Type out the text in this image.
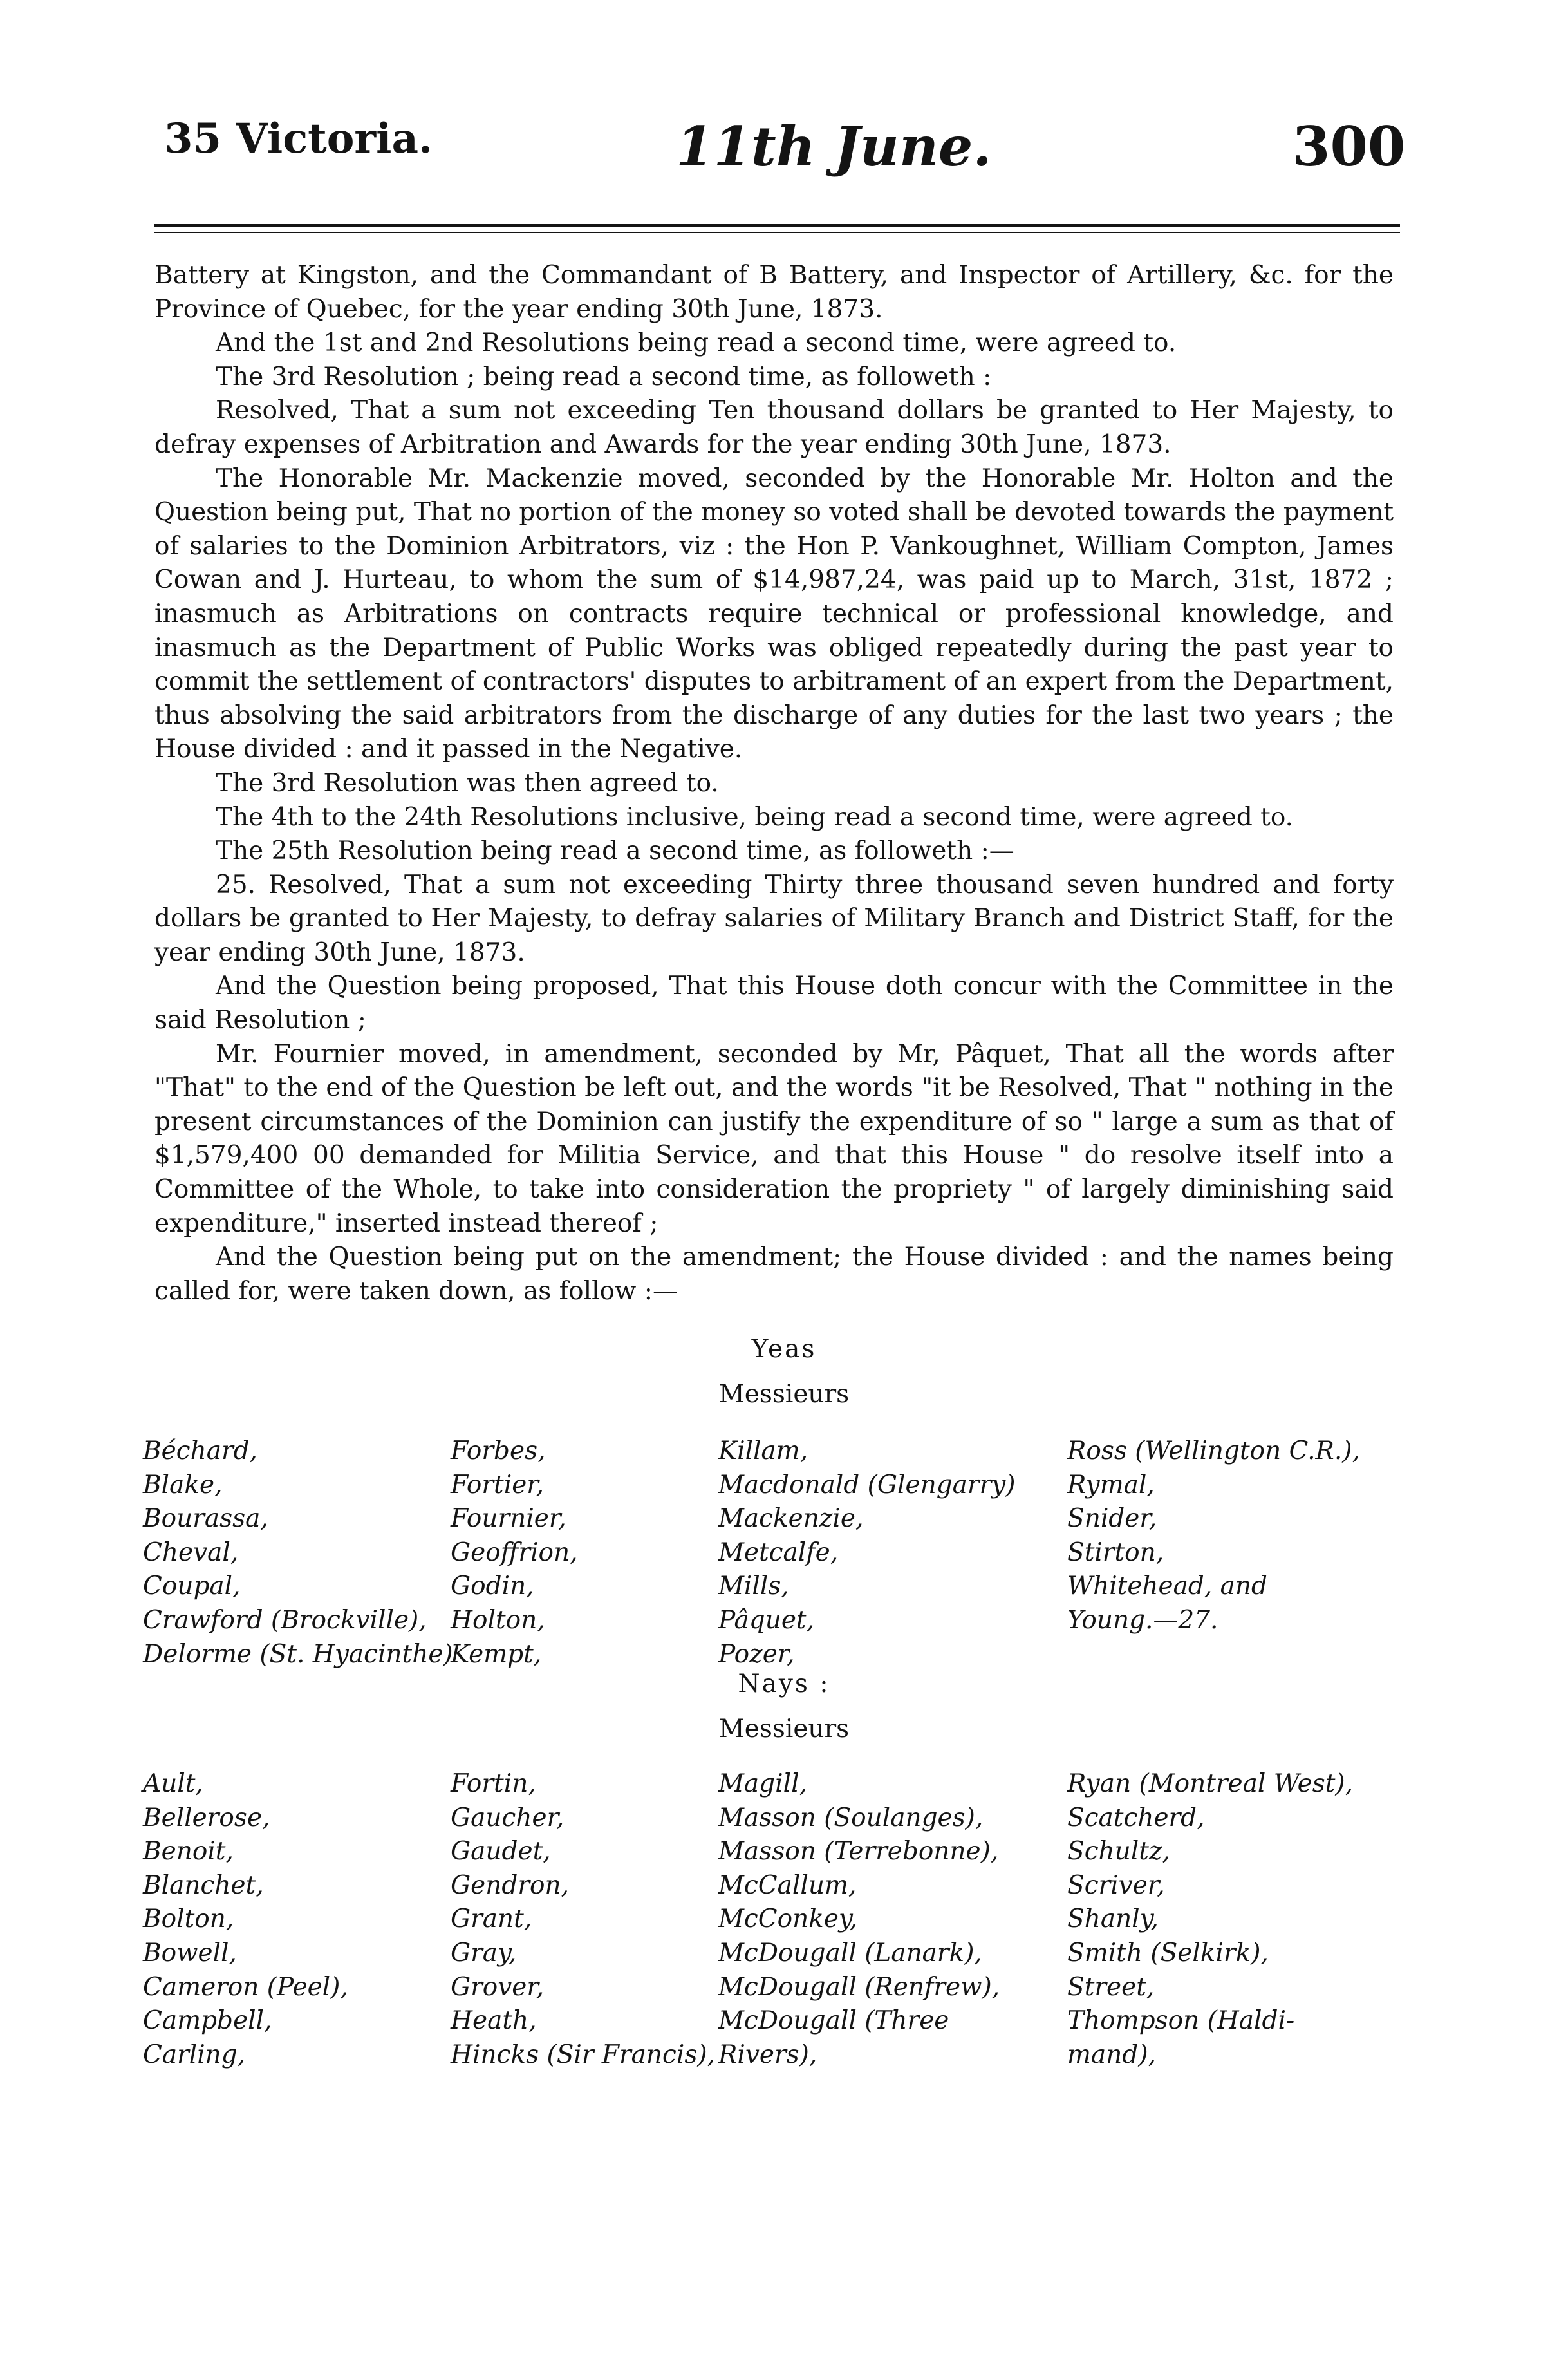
35 Victoria.	11th June.	300

Battery at Kingston, and the Commandant of B Battery, and Inspector of Artillery, &c. for the Province of Quebec, for the year ending 30th June, 1873.

And the 1st and 2nd Resolutions being read a second time, were agreed to.

The 3rd Resolution ; being read a second time, as followeth :

Resolved, That a sum not exceeding Ten thousand dollars be granted to Her Majesty, to defray expenses of Arbitration and Awards for the year ending 30th June, 1873.

The Honorable Mr. Mackenzie moved, seconded by the Honorable Mr. Holton and the Question being put, That no portion of the money so voted shall be devoted towards the payment of salaries to the Dominion Arbitrators, viz : the Hon P. Vankoughnet, William Compton, James Cowan and J. Hurteau, to whom the sum of $14,987,24, was paid up to March, 31st, 1872 ; inasmuch as Arbitrations on contracts require technical or professional knowledge, and inasmuch as the Department of Public Works was obliged repeatedly during the past year to commit the settlement of contractors' disputes to arbitrament of an expert from the Department, thus absolving the said arbitrators from the discharge of any duties for the last two years ; the House divided : and it passed in the Negative.

The 3rd Resolution was then agreed to.

The 4th to the 24th Resolutions inclusive, being read a second time, were agreed to.

The 25th Resolution being read a second time, as followeth :—

25. Resolved, That a sum not exceeding Thirty three thousand seven hundred and forty dollars be granted to Her Majesty, to defray salaries of Military Branch and District Staff, for the year ending 30th June, 1873.

And the Question being proposed, That this House doth concur with the Committee in the said Resolution ;

Mr. Fournier moved, in amendment, seconded by Mr, Pâquet, That all the words after "That" to the end of the Question be left out, and the words "it be Resolved, That " nothing in the present circumstances of the Dominion can justify the expenditure of so " large a sum as that of $1,579,400 00 demanded for Militia Service, and that this House " do resolve itself into a Committee of the Whole, to take into consideration the propriety " of largely diminishing said expenditure," inserted instead thereof ;

And the Question being put on the amendment; the House divided : and the names being called for, were taken down, as follow :—

Yeas
Messieurs
Béchard,
Blake,
Bourassa,
Cheval,
Coupal,
Crawford (Brockville),
Delorme (St. Hyacinthe)
Forbes,
Fortier,
Fournier,
Geoffrion,
Godin,
Holton,
Kempt,
Killam,
Macdonald (Glengarry)
Mackenzie,
Metcalfe,
Mills,
Pâquet,
Pozer,
Ross (Wellington C.R.),
Rymal,
Snider,
Stirton,
Whitehead, and
Young.—27.
Nays :
Messieurs
Ault,
Bellerose,
Benoit,
Blanchet,
Bolton,
Bowell,
Cameron (Peel),
Campbell,
Carling,
Fortin,
Gaucher,
Gaudet,
Gendron,
Grant,
Gray,
Grover,
Heath,
Hincks (Sir Francis),
Magill,
Masson (Soulanges),
Masson (Terrebonne),
McCallum,
McConkey,
McDougall (Lanark),
McDougall (Renfrew),
McDougall (Three
Rivers),
Ryan (Montreal West),
Scatcherd,
Schultz,
Scriver,
Shanly,
Smith (Selkirk),
Street,
Thompson (Haldi-
mand),
